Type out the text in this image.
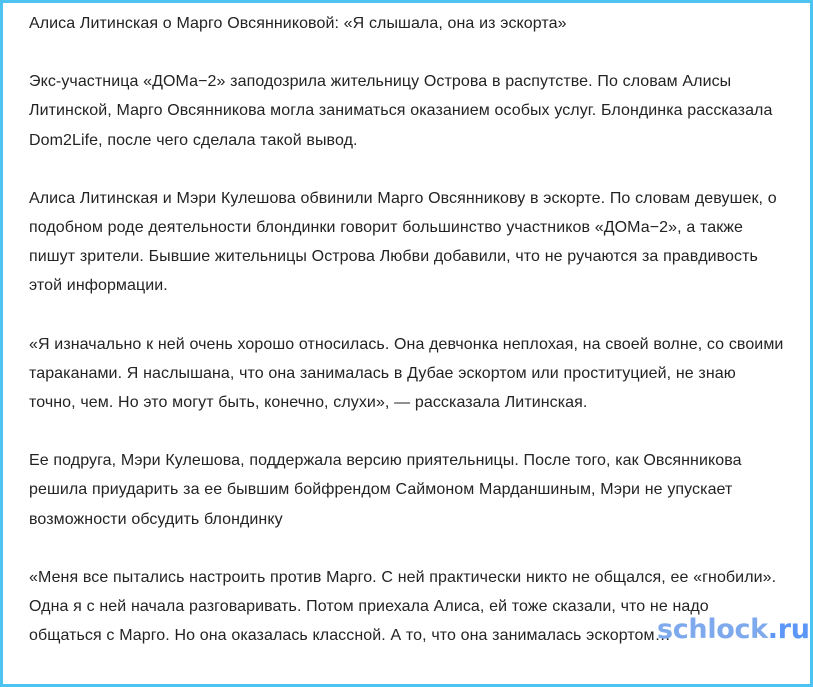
Алиса Литинская о Марго Овсянниковой: «Я слышала, она из эскорта»

Экс-участница «ДОМа−2» заподозрила жительницу Острова в распутстве. По словам Алисы Литинской, Марго Овсянникова могла заниматься оказанием особых услуг. Блондинка рассказала Dom2Life, после чего сделала такой вывод.

Алиса Литинская и Мэри Кулешова обвинили Марго Овсянникову в эскорте. По словам девушек, о подобном роде деятельности блондинки говорит большинство участников «ДОМа−2», а также пишут зрители. Бывшие жительницы Острова Любви добавили, что не ручаются за правдивость этой информации.

«Я изначально к ней очень хорошо относилась. Она девчонка неплохая, на своей волне, со своими тараканами. Я наслышана, что она занималась в Дубае эскортом или проституцией, не знаю точно, чем. Но это могут быть, конечно, слухи», — рассказала Литинская.

Ее подруга, Мэри Кулешова, поддержала версию приятельницы. После того, как Овсянникова решила приударить за ее бывшим бойфрендом Саймоном Марданшиным, Мэри не упускает возможности обсудить блондинку

«Меня все пытались настроить против Марго. С ней практически никто не общался, ее «гнобили». Одна я с ней начала разговаривать. Потом приехала Алиса, ей тоже сказали, что не надо общаться с Марго. Но она оказалась классной. А то, что она занималась эскортом…

schlock.ru
